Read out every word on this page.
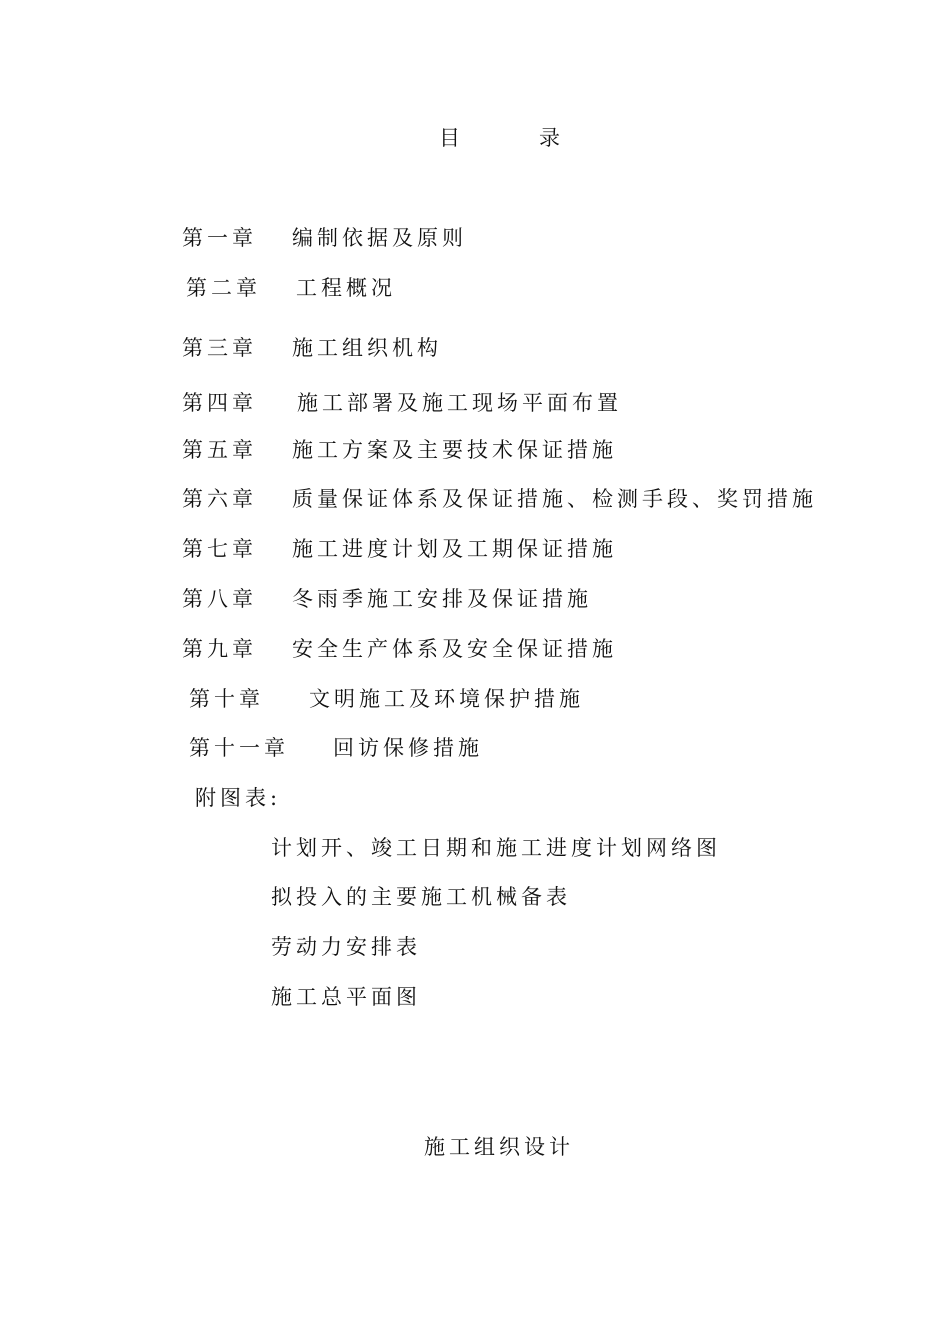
目	录
第一章 编制依据及原则
第二章 工程概况
第三章 施工组织机构
第四章 施工部署及施工现场平面布置
第五章 施工方案及主要技术保证措施
第六章 质量保证体系及保证措施、检测手段、奖罚措施
第七章 施工进度计划及工期保证措施
第八章 冬雨季施工安排及保证措施
第九章 安全生产体系及安全保证措施
第十章 文明施工及环境保护措施
第十一章 回访保修措施
附图表:
计划开、竣工日期和施工进度计划网络图
拟投入的主要施工机械备表
劳动力安排表
施工总平面图
施工组织设计
